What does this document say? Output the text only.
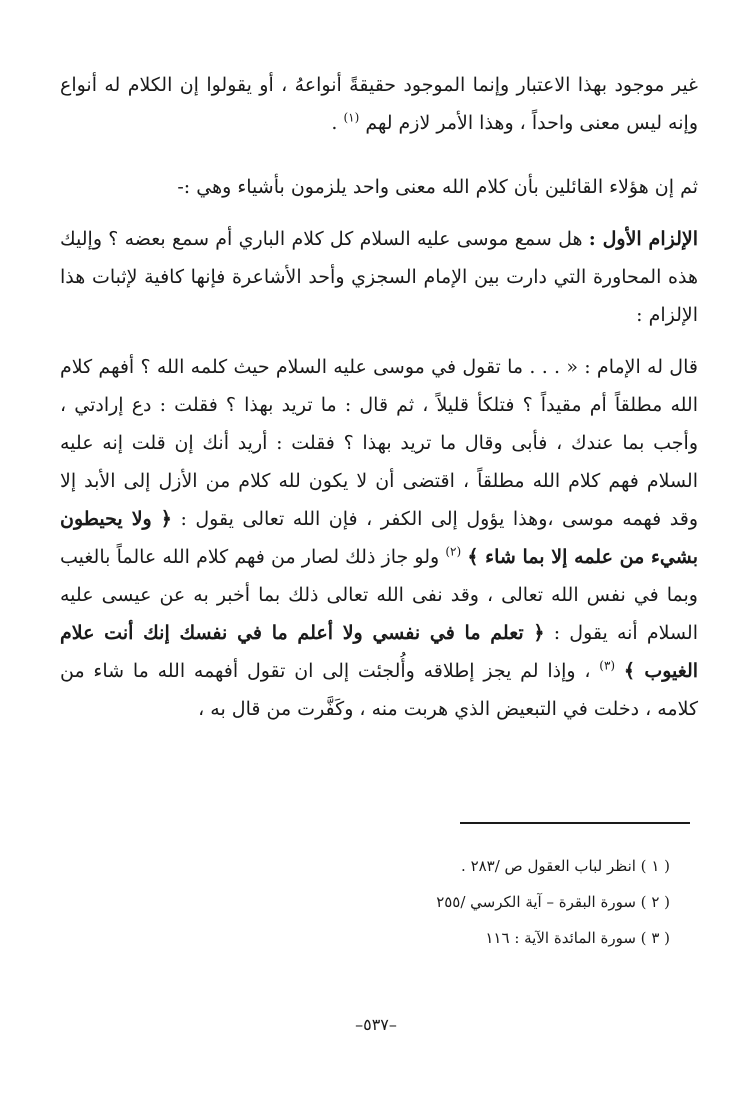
غير موجود بهذا الاعتبار وإنما الموجود حقيقةً أنواعهُ ، أو يقولوا إن الكلام له أنواع وإنه ليس معنى واحداً ، وهذا الأمر لازم لهم $^{(١)}$ .

ثم إن هؤلاء القائلين بأن كلام الله معنى واحد يلزمون بأشياء وهي :-

الإلزام الأول : هل سمع موسى عليه السلام كل كلام الباري أم سمع بعضه ؟ وإليك هذه المحاورة التي دارت بين الإمام السجزي وأحد الأشاعرة فإنها كافية لإثبات هذا الإلزام :

قال له الإمام : « . . . ما تقول في موسى عليه السلام حيث كلمه الله ؟ أفهم كلام الله مطلقاً أم مقيداً ؟ فتلكأ قليلاً ، ثم قال : ما تريد بهذا ؟ فقلت : دع إرادتي ، وأجب بما عندك ، فأبى وقال ما تريد بهذا ؟ فقلت : أريد أنك إن قلت إنه عليه السلام فهم كلام الله مطلقاً ، اقتضى أن لا يكون لله كلام من الأزل إلى الأبد إلا وقد فهمه موسى ،وهذا يؤول إلى الكفر ، فإن الله تعالى يقول : ﴿ ولا يحيطون بشيء من علمه إلا بما شاء ﴾ $^{(٢)}$ ولو جاز ذلك لصار من فهم كلام الله عالماً بالغيب وبما في نفس الله تعالى ، وقد نفى الله تعالى ذلك بما أخبر به عن عيسى عليه السلام أنه يقول : ﴿ تعلم ما في نفسي ولا أعلم ما في نفسك إنك أنت علام الغيوب ﴾ $^{(٣)}$ ، وإذا لم يجز إطلاقه وأُلجئت إلى ان تقول أفهمه الله ما شاء من كلامه ، دخلت في التبعيض الذي هربت منه ، وكَفَّرت من قال به ،

( ١ ) انظر لباب العقول ص /٢٨٣ .
( ٢ ) سورة البقرة – آية الكرسي /٢٥٥
( ٣ ) سورة المائدة الآية : ١١٦
–٥٣٧–
